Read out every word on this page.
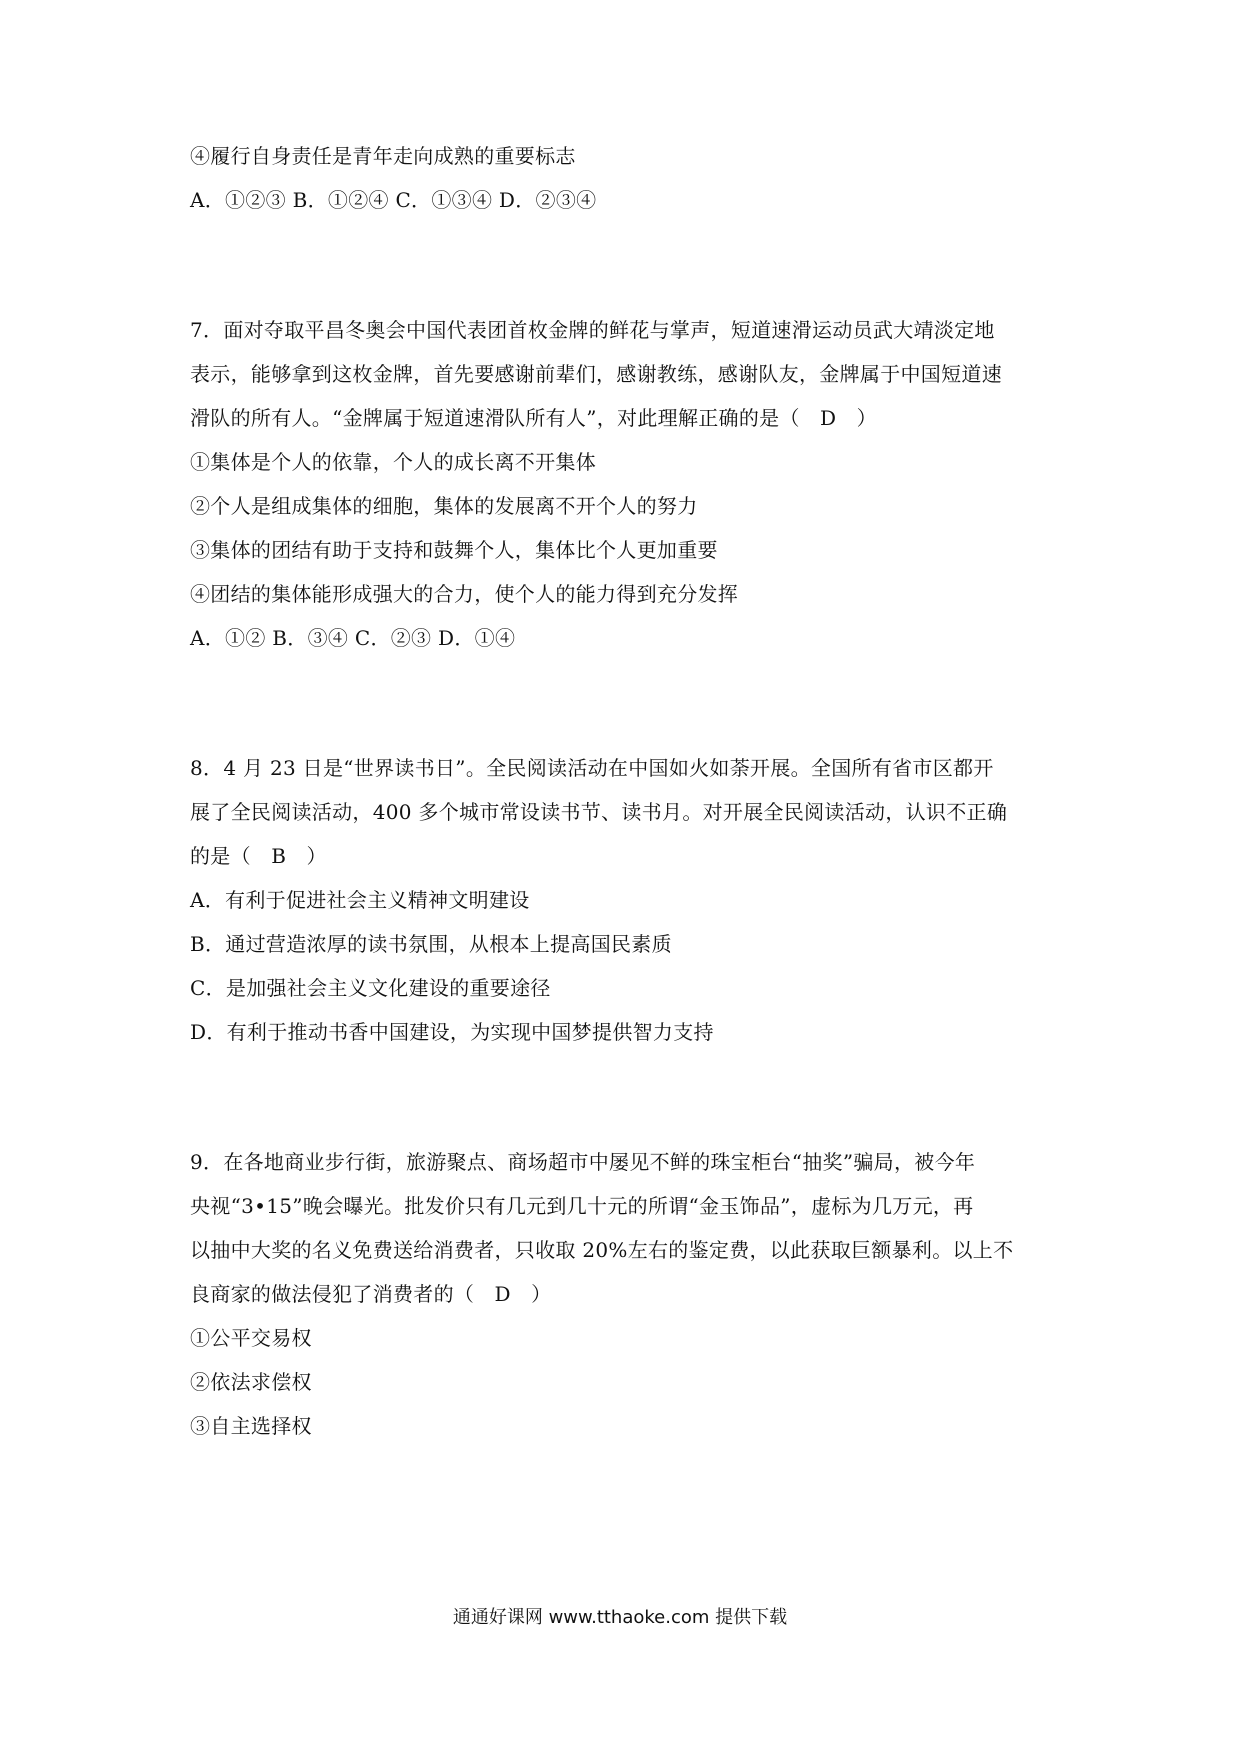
④履行自身责任是青年走向成熟的重要标志
A．①②③ B．①②④ C．①③④ D．②③④
7．面对夺取平昌冬奥会中国代表团首枚金牌的鲜花与掌声，短道速滑运动员武大靖淡定地
表示，能够拿到这枚金牌，首先要感谢前辈们，感谢教练，感谢队友，金牌属于中国短道速
滑队的所有人。“金牌属于短道速滑队所有人”，对此理解正确的是（　D　）
①集体是个人的依靠，个人的成长离不开集体
②个人是组成集体的细胞，集体的发展离不开个人的努力
③集体的团结有助于支持和鼓舞个人，集体比个人更加重要
④团结的集体能形成强大的合力，使个人的能力得到充分发挥
A．①② B．③④ C．②③ D．①④
8．4 月 23 日是“世界读书日”。全民阅读活动在中国如火如荼开展。全国所有省市区都开
展了全民阅读活动，400 多个城市常设读书节、读书月。对开展全民阅读活动，认识不正确
的是（　B　）
A．有利于促进社会主义精神文明建设
B．通过营造浓厚的读书氛围，从根本上提高国民素质
C．是加强社会主义文化建设的重要途径
D．有利于推动书香中国建设，为实现中国梦提供智力支持
9．在各地商业步行街，旅游聚点、商场超市中屡见不鲜的珠宝柜台“抽奖”骗局，被今年
央视“3•15”晚会曝光。批发价只有几元到几十元的所谓“金玉饰品”，虚标为几万元，再
以抽中大奖的名义免费送给消费者，只收取 20%左右的鉴定费，以此获取巨额暴利。以上不
良商家的做法侵犯了消费者的（　D　）
①公平交易权
②依法求偿权
③自主选择权
通通好课网 www.tthaoke.com 提供下载
